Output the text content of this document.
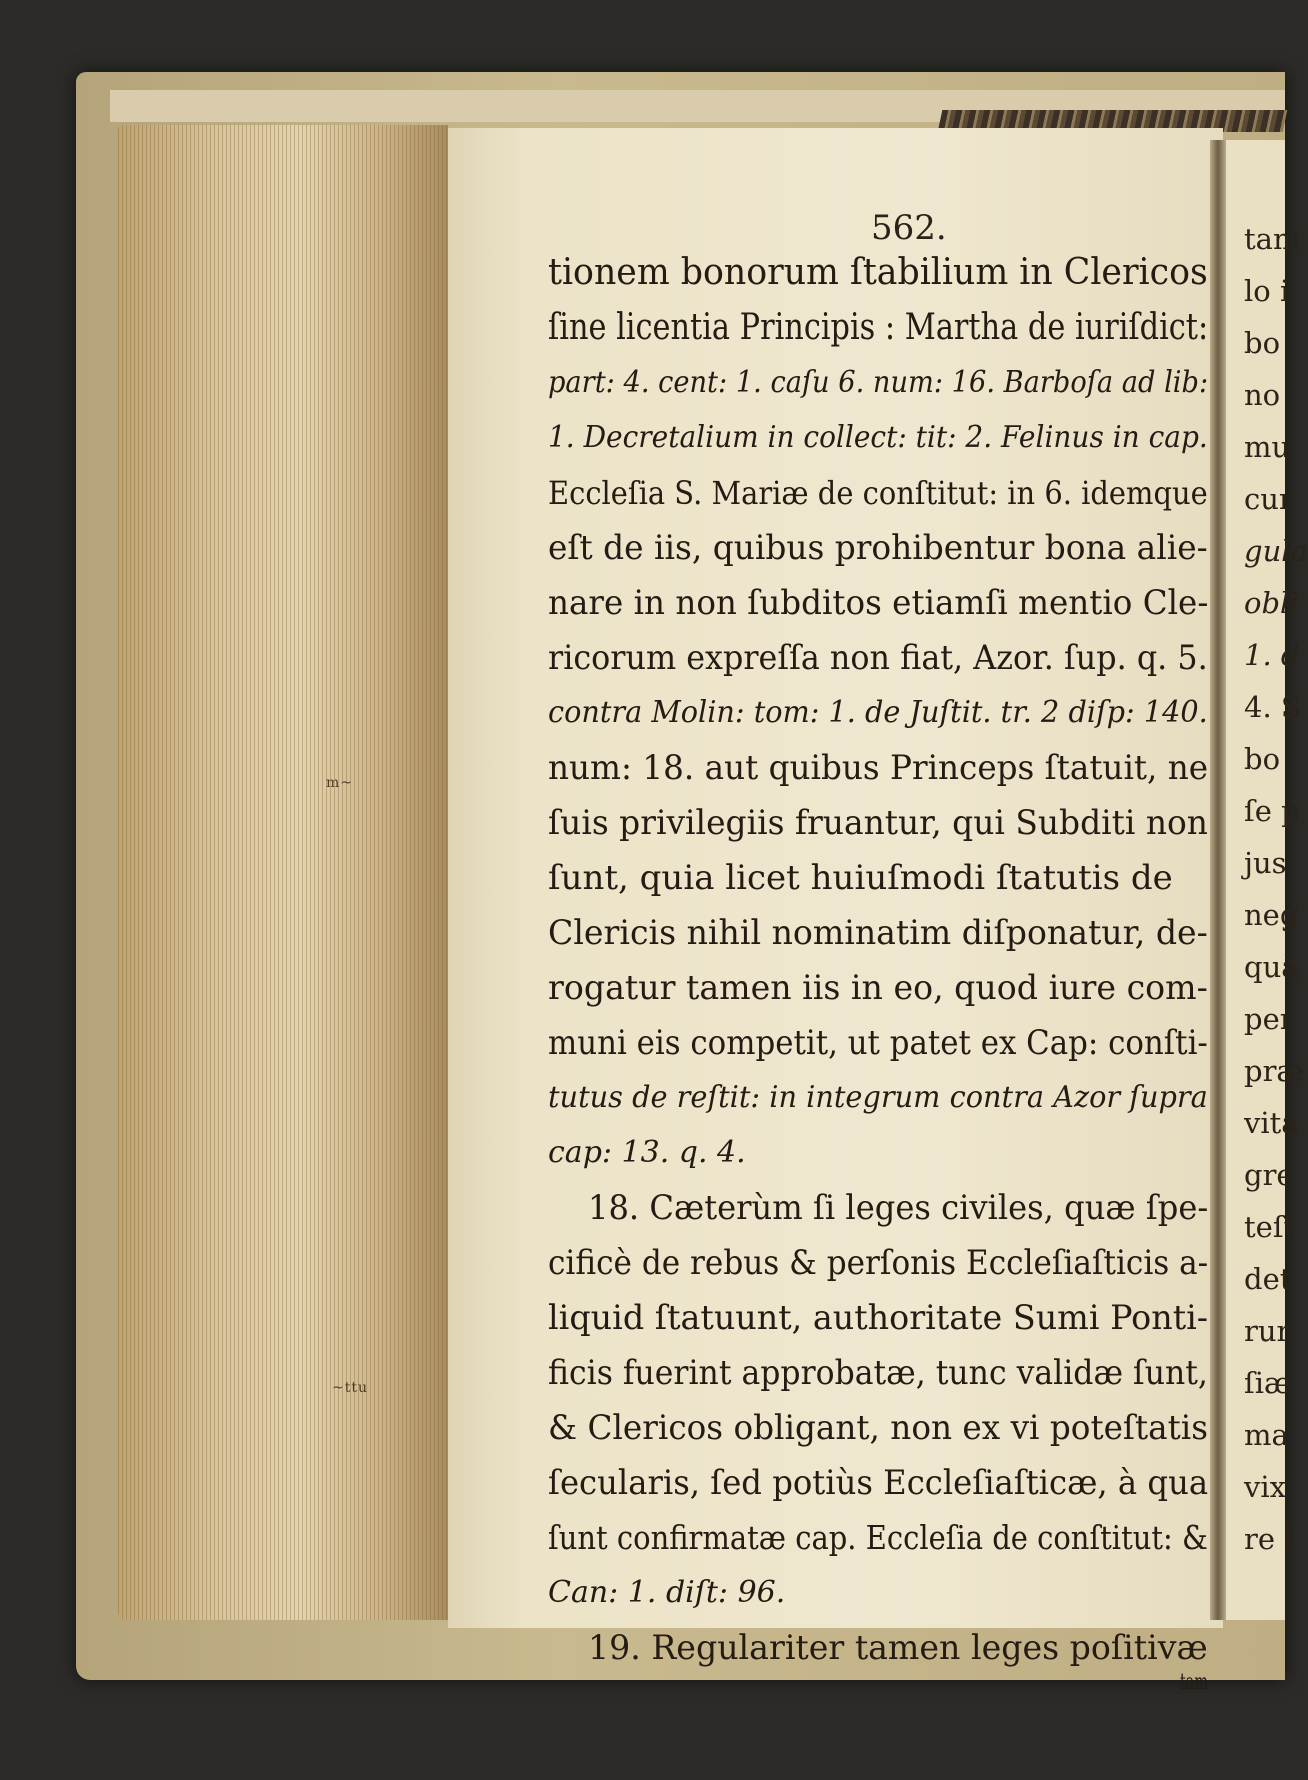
m~
~ttu
tam
lo i
bo
no
mu
cur
gula
obli
1. d
4. S
bo
ſe p
jus
neg
quà
per
præ
vita
gre
teſt
det
run
ſiæ
ma
vix
re l
562.
tionem bonorum ſtabilium in Clericos
ſine licentia Principis : Martha de iuriſdict:
part: 4. cent: 1. caſu 6. num: 16. Barboſa ad lib:
1. Decretalium in collect: tit: 2. Felinus in cap.
Eccleſia S. Mariæ de conſtitut: in 6. idemque
eſt de iis, quibus prohibentur bona alie-
nare in non ſubditos etiamſi mentio Cle-
ricorum expreſſa non fiat, Azor. ſup. q. 5.
contra Molin: tom: 1. de Juſtit. tr. 2 diſp: 140.
num: 18. aut quibus Princeps ſtatuit, ne
ſuis privilegiis fruantur, qui Subditi non
ſunt, quia licet huiuſmodi ſtatutis de
Clericis nihil nominatim diſponatur, de-
rogatur tamen iis in eo, quod iure com-
muni eis competit, ut patet ex Cap: conſti-
tutus de reſtit: in integrum contra Azor ſupra
cap: 13. q. 4.
18. Cæterùm ſi leges civiles, quæ ſpe-
cificè de rebus & perſonis Eccleſiaſticis a-
liquid ſtatuunt, authoritate Sumi Ponti-
ficis fuerint approbatæ, tunc validæ ſunt,
& Clericos obligant, non ex vi poteſtatis
ſecularis, ſed potiùs Eccleſiaſticæ, à qua
ſunt confirmatæ cap. Eccleſia de conſtitut: &
Can: 1. diſt: 96.
19. Regulariter tamen leges poſitivæ
tam
